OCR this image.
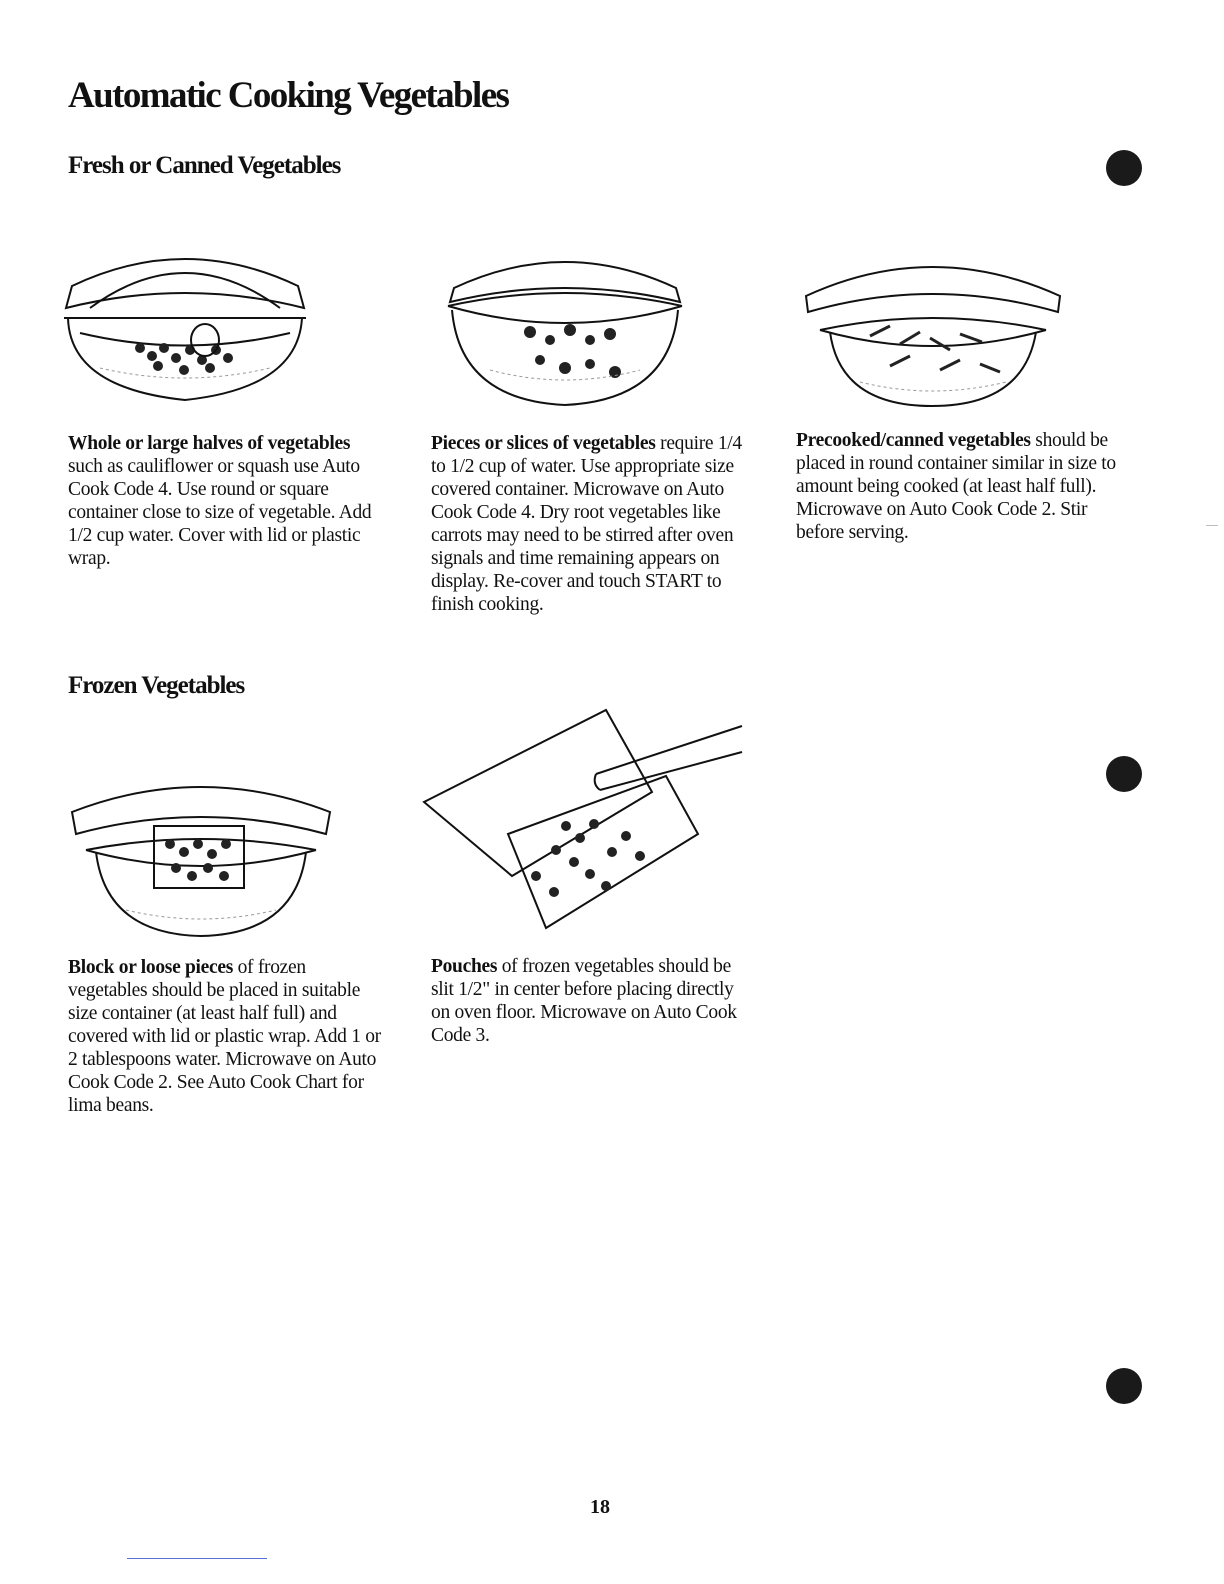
Automatic Cooking Vegetables
Fresh or Canned Vegetables

Whole or large halves of vegetables such as cauliflower or squash use Auto Cook Code 4. Use round or square container close to size of vegetable. Add 1/2 cup water. Cover with lid or plastic wrap.

Pieces or slices of vegetables require 1/4 to 1/2 cup of water. Use appropriate size covered container. Microwave on Auto Cook Code 4. Dry root vegetables like carrots may need to be stirred after oven signals and time remaining appears on display. Re-cover and touch START to finish cooking.

Precooked/canned vegetables should be placed in round container similar in size to amount being cooked (at least half full). Microwave on Auto Cook Code 2. Stir before serving.

Frozen Vegetables

Block or loose pieces of frozen vegetables should be placed in suitable size container (at least half full) and covered with lid or plastic wrap. Add 1 or 2 tablespoons water. Microwave on Auto Cook Code 2. See Auto Cook Chart for lima beans.

Pouches of frozen vegetables should be slit 1/2" in center before placing directly on oven floor. Microwave on Auto Cook Code 3.

18
